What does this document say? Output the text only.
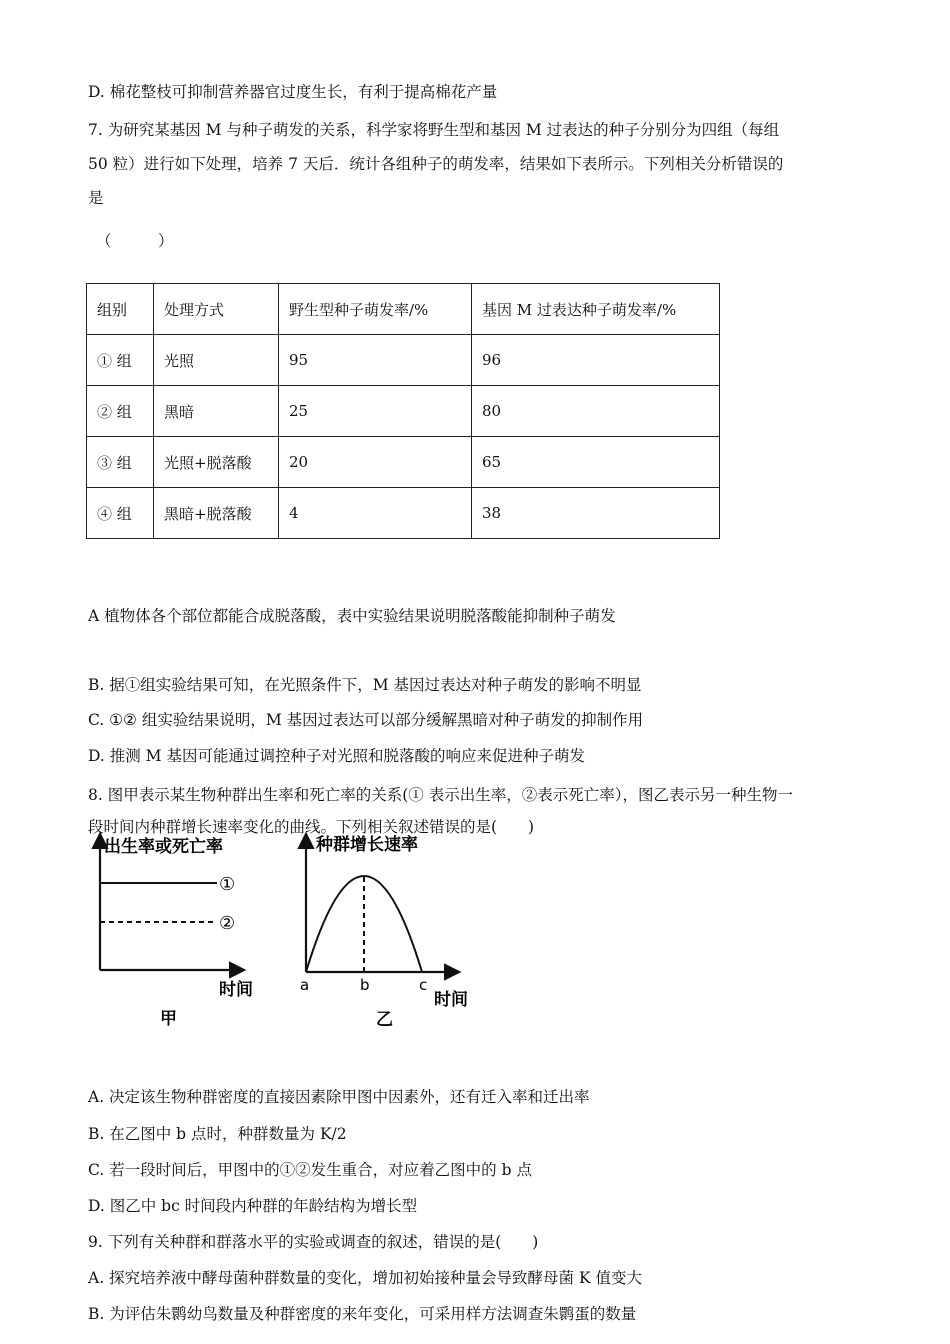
D. 棉花整枝可抑制营养器官过度生长，有利于提高棉花产量
7. 为研究某基因 M 与种子萌发的关系，科学家将野生型和基因 M 过表达的种子分别分为四组（每组
50 粒）进行如下处理，培养 7 天后．统计各组种子的萌发率，结果如下表所示。下列相关分析错误的
是
（　　　）
组别	处理方式	野生型种子萌发率/%	基因 M 过表达种子萌发率/%
① 组	光照	95	96
② 组	黑暗	25	80
③ 组	光照+脱落酸	20	65
④ 组	黑暗+脱落酸	4	38
A 植物体各个部位都能合成脱落酸，表中实验结果说明脱落酸能抑制种子萌发
B. 据①组实验结果可知，在光照条件下，M 基因过表达对种子萌发的影响不明显
C. ①② 组实验结果说明，M 基因过表达可以部分缓解黑暗对种子萌发的抑制作用
D. 推测 M 基因可能通过调控种子对光照和脱落酸的响应来促进种子萌发
8. 图甲表示某生物种群出生率和死亡率的关系(① 表示出生率，②表示死亡率），图乙表示另一种生物一
段时间内种群增长速率变化的曲线。下列相关叙述错误的是(　　)
出生率或死亡率
①
②
时间
甲
种群增长速率
a	b	c
时间
乙
A. 决定该生物种群密度的直接因素除甲图中因素外，还有迁入率和迁出率
B. 在乙图中 b 点时，种群数量为 K/2
C. 若一段时间后，甲图中的①②发生重合，对应着乙图中的 b 点
D. 图乙中 bc 时间段内种群的年龄结构为增长型
9. 下列有关种群和群落水平的实验或调查的叙述，错误的是(　　)
A. 探究培养液中酵母菌种群数量的变化，增加初始接种量会导致酵母菌 K 值变大
B. 为评估朱鹮幼鸟数量及种群密度的来年变化，可采用样方法调查朱鹮蛋的数量
